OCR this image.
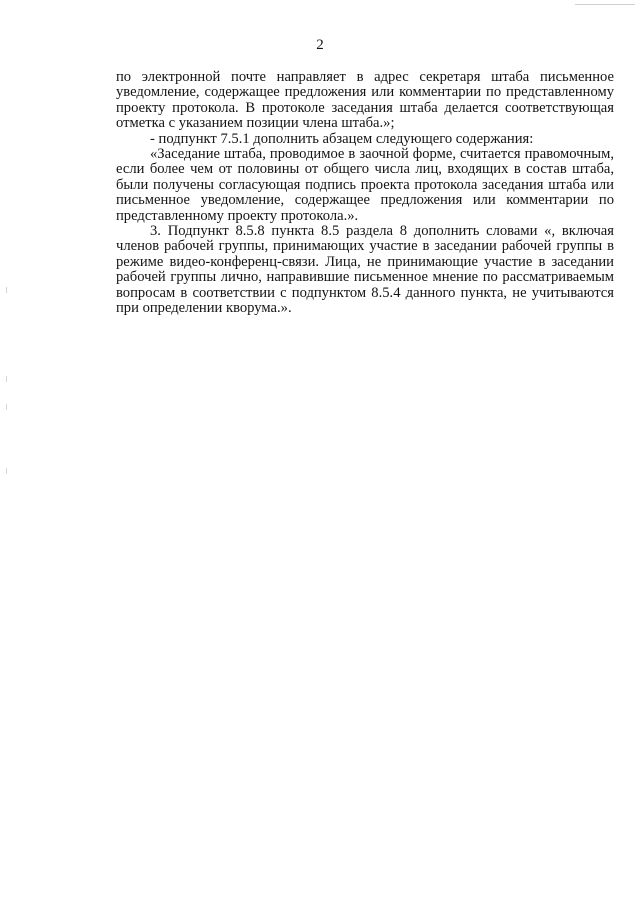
2

по электронной почте направляет в адрес секретаря штаба письменное уведомление, содержащее предложения или комментарии по представленному проекту протокола. В протоколе заседания штаба делается соответствующая отметка с указанием позиции члена штаба.»;

- подпункт 7.5.1 дополнить абзацем следующего содержания:

«Заседание штаба, проводимое в заочной форме, считается правомочным, если более чем от половины от общего числа лиц, входящих в состав штаба, были получены согласующая подпись проекта протокола заседания штаба или письменное уведомление, содержащее предложения или комментарии по представленному проекту протокола.».

3. Подпункт 8.5.8 пункта 8.5 раздела 8 дополнить словами «, включая членов рабочей группы, принимающих участие в заседании рабочей группы в режиме видео-конференц-связи. Лица, не принимающие участие в заседании рабочей группы лично, направившие письменное мнение по рассматриваемым вопросам в соответствии с подпунктом 8.5.4 данного пункта, не учитываются при определении кворума.».
